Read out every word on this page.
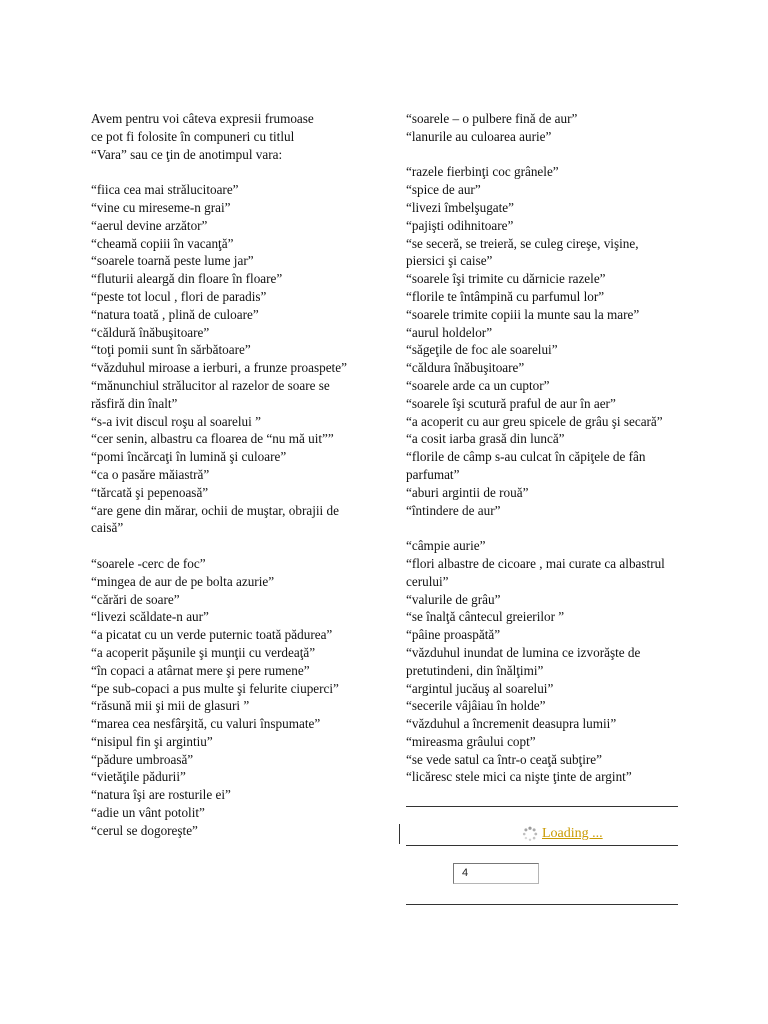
Avem pentru voi câteva expresii frumoase
ce pot fi folosite în compuneri cu titlul
“Vara” sau ce ţin de anotimpul vara:
“fiica cea mai strălucitoare”
“vine cu mireseme-n grai”
“aerul devine arzător”
“cheamă copiii în vacanţă”
“soarele toarnă peste lume jar”
“fluturii aleargă din floare în floare”
“peste tot locul , flori de paradis”
“natura toată , plină de culoare”
“căldură înăbuşitoare”
“toţi pomii sunt în sărbătoare”
“văzduhul miroase a ierburi, a frunze proaspete”
“mănunchiul strălucitor al razelor de soare se răsfiră din înalt”
“s-a ivit discul roşu al soarelui ”
“cer senin, albastru ca floarea de “nu mă uit””
“pomi încărcaţi în lumină şi culoare”
“ca o pasăre măiastră”
“tărcată şi pepenoasă”
“are gene din mărar, ochii de muştar, obrajii de caisă”
“soarele -cerc de foc”
“mingea de aur de pe bolta azurie”
“cărări de soare”
“livezi scăldate-n aur”
“a picatat cu un verde puternic toată pădurea”
“a acoperit păşunile şi munţii cu verdeaţă”
“în copaci a atârnat mere şi pere rumene”
“pe sub-copaci a pus multe şi felurite ciuperci”
“răsună mii şi mii de glasuri ”
“marea cea nesfârşită, cu valuri înspumate”
“nisipul fin şi argintiu”
“pădure umbroasă”
“vietăţile pădurii”
“natura îşi are rosturile ei”
“adie un vânt potolit”
“cerul se dogoreşte”
“soarele – o pulbere fină de aur”
“lanurile au culoarea aurie”
“razele fierbinţi coc grânele”
“spice de aur”
“livezi îmbelşugate”
“pajişti odihnitoare”
“se seceră, se treieră, se culeg cireşe, vişine, piersici şi caise”
“soarele îşi trimite cu dărnicie razele”
“florile te întâmpină cu parfumul lor”
“soarele trimite copiii la munte sau la mare”
“aurul holdelor”
“săgeţile de foc ale soarelui”
“căldura înăbuşitoare”
“soarele arde ca un cuptor”
“soarele îşi scutură praful de aur în aer”
“a acoperit cu aur greu spicele de grâu şi secară”
“a cosit iarba grasă din luncă”
“florile de câmp s-au culcat în căpiţele de fân parfumat”
“aburi argintii de rouă”
“întindere de aur”
“câmpie aurie”
“flori albastre de cicoare , mai curate ca albastrul cerului”
“valurile de grâu”
“se înalţă cântecul greierilor ”
“pâine proaspătă”
“văzduhul inundat de lumina ce izvorăşte de pretutindeni, din înălţimi”
“argintul jucăuş al soarelui”
“secerile vâjâiau în holde”
“văzduhul a încremenit deasupra lumii”
“mireasma grâului copt”
“se vede satul ca într-o ceaţă subţire”
“licăresc stele mici ca nişte ţinte de argint”
Loading ...
4
